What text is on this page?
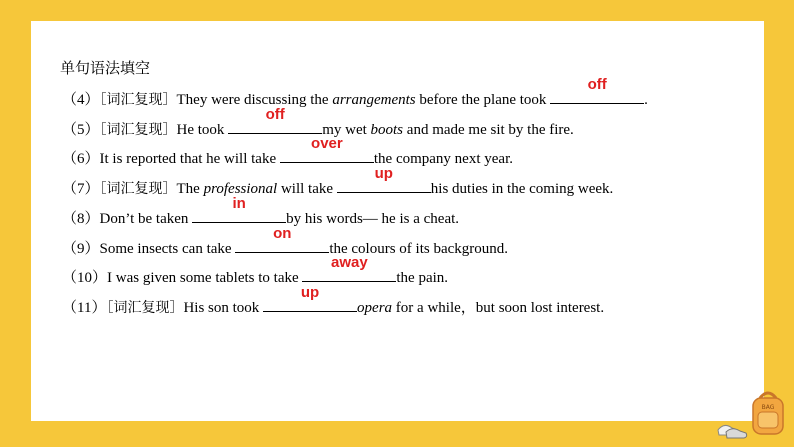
单句语法填空
（4）［词汇复现］They were discussing the arrangements before the plane took
off
.
（5）［词汇复现］He took
off
my wet boots and made me sit by the fire.
（6）It is reported that he will take
over
the company next year.
（7）［词汇复现］The professional will take
up
his duties in the coming week.
（8）Don’t be taken
in
by his words— he is a cheat.
（9）Some insects can take
on
the colours of its background.
（10）I was given some tablets to take
away
the pain.
（11）［词汇复现］His son took
up
opera for a while，but soon lost interest.
BAG
